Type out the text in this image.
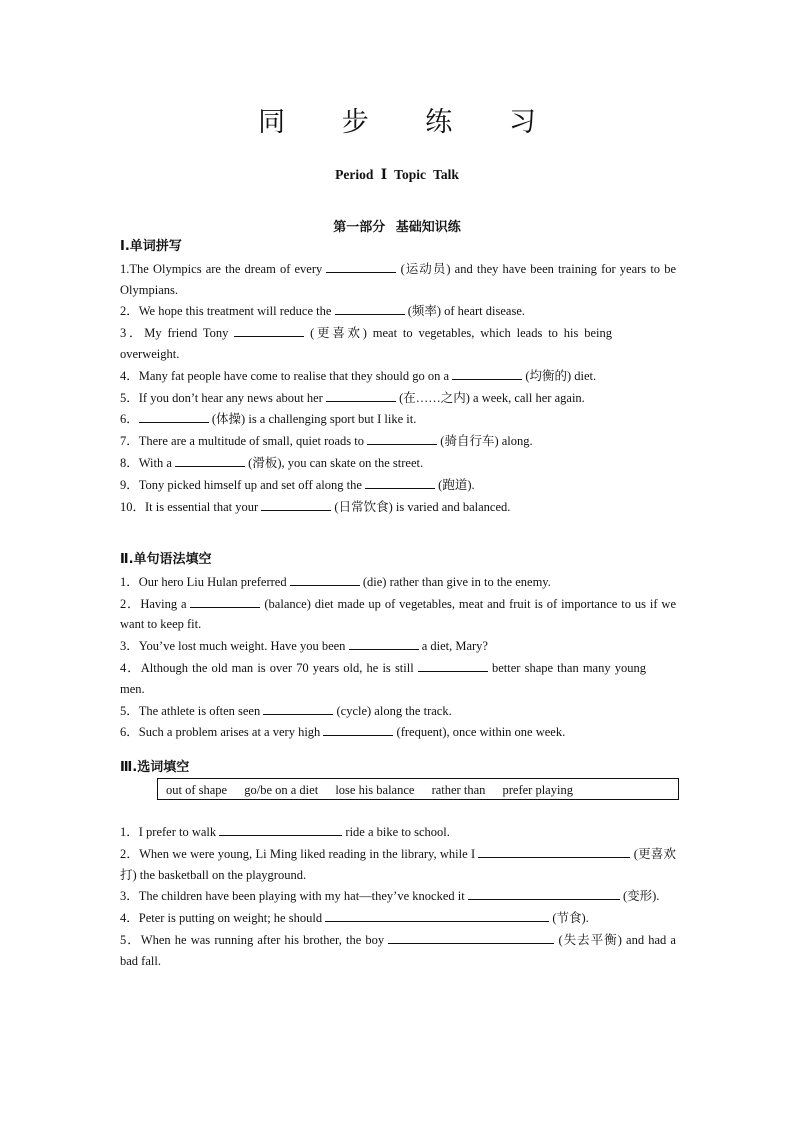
同 步 练 习
Period Ⅰ Topic Talk
第一部分 基础知识练
Ⅰ.单词拼写
1.The Olympics are the dream of every	(运动员) and they have been training for years to be Olympians.
2．We hope this treatment will reduce the	(频率) of heart disease.
3．My friend Tony	(更喜欢) meat to vegetables, which leads to his being overweight.
4．Many fat people have come to realise that they should go on a	(均衡的) diet.
5．If you don’t hear any news about her	(在……之内) a week, call her again.
6．	(体操) is a challenging sport but I like it.
7．There are a multitude of small, quiet roads to	(骑自行车) along.
8．With a	(滑板), you can skate on the street.
9．Tony picked himself up and set off along the	(跑道).
10．It is essential that your	(日常饮食) is varied and balanced.
Ⅱ.单句语法填空
1．Our hero Liu Hulan preferred	(die) rather than give in to the enemy.
2．Having a	(balance) diet made up of vegetables, meat and fruit is of importance to us if we want to keep fit.
3．You’ve lost much weight. Have you been	a diet, Mary?
4．Although the old man is over 70 years old, he is still	better shape than many young men.
5．The athlete is often seen	(cycle) along the track.
6．Such a problem arises at a very high	(frequent), once within one week.
Ⅲ.选词填空
out of shape go/be on a diet lose his balance rather than prefer playing
1．I prefer to walk	ride a bike to school.
2．When we were young, Li Ming liked reading in the library, while I	(更喜欢打) the basketball on the playground.
3．The children have been playing with my hat—they’ve knocked it	(变形).
4．Peter is putting on weight; he should	(节食).
5．When he was running after his brother, the boy	(失去平衡) and had a bad fall.
